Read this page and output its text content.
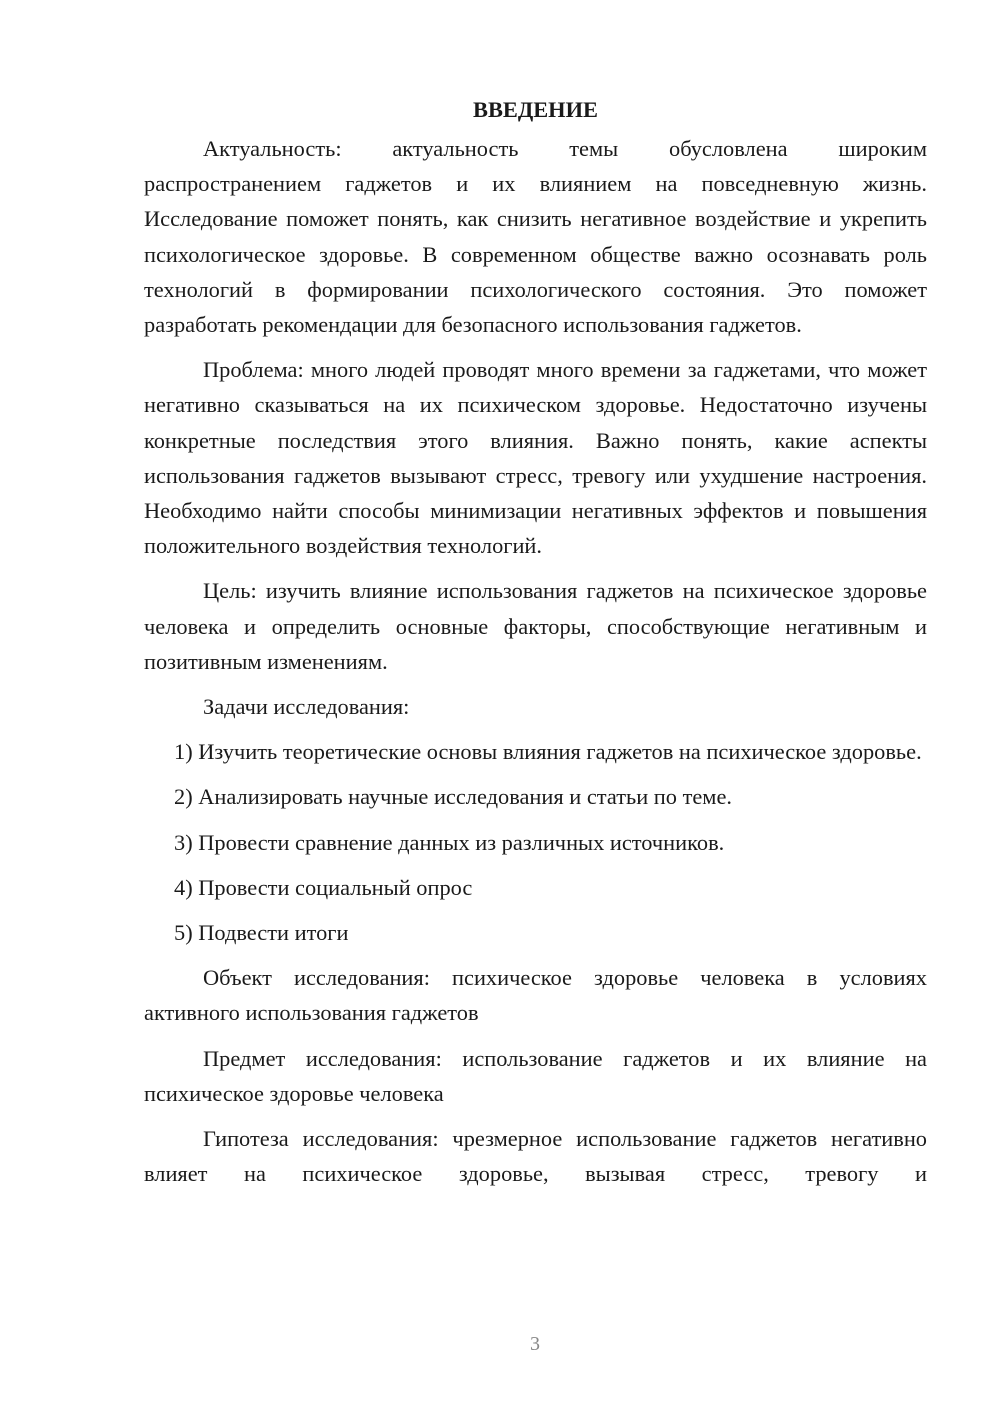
ВВЕДЕНИЕ

Актуальность: актуальность темы обусловлена широким распространением гаджетов и их влиянием на повседневную жизнь. Исследование поможет понять, как снизить негативное воздействие и укрепить психологическое здоровье. В современном обществе важно осознавать роль технологий в формировании психологического состояния. Это поможет разработать рекомендации для безопасного использования гаджетов.

Проблема: много людей проводят много времени за гаджетами, что может негативно сказываться на их психическом здоровье. Недостаточно изучены конкретные последствия этого влияния. Важно понять, какие аспекты использования гаджетов вызывают стресс, тревогу или ухудшение настроения. Необходимо найти способы минимизации негативных эффектов и повышения положительного воздействия технологий.

Цель: изучить влияние использования гаджетов на психическое здоровье человека и определить основные факторы, способствующие негативным и позитивным изменениям.

Задачи исследования:

1) Изучить теоретические основы влияния гаджетов на психическое здоровье.

2) Анализировать научные исследования и статьи по теме.

3) Провести сравнение данных из различных источников.

4) Провести социальный опрос

5) Подвести итоги

Объект исследования: психическое здоровье человека в условиях активного использования гаджетов

Предмет исследования: использование гаджетов и их влияние на психическое здоровье человека

Гипотеза исследования: чрезмерное использование гаджетов негативно влияет на психическое здоровье, вызывая стресс, тревогу и

3
